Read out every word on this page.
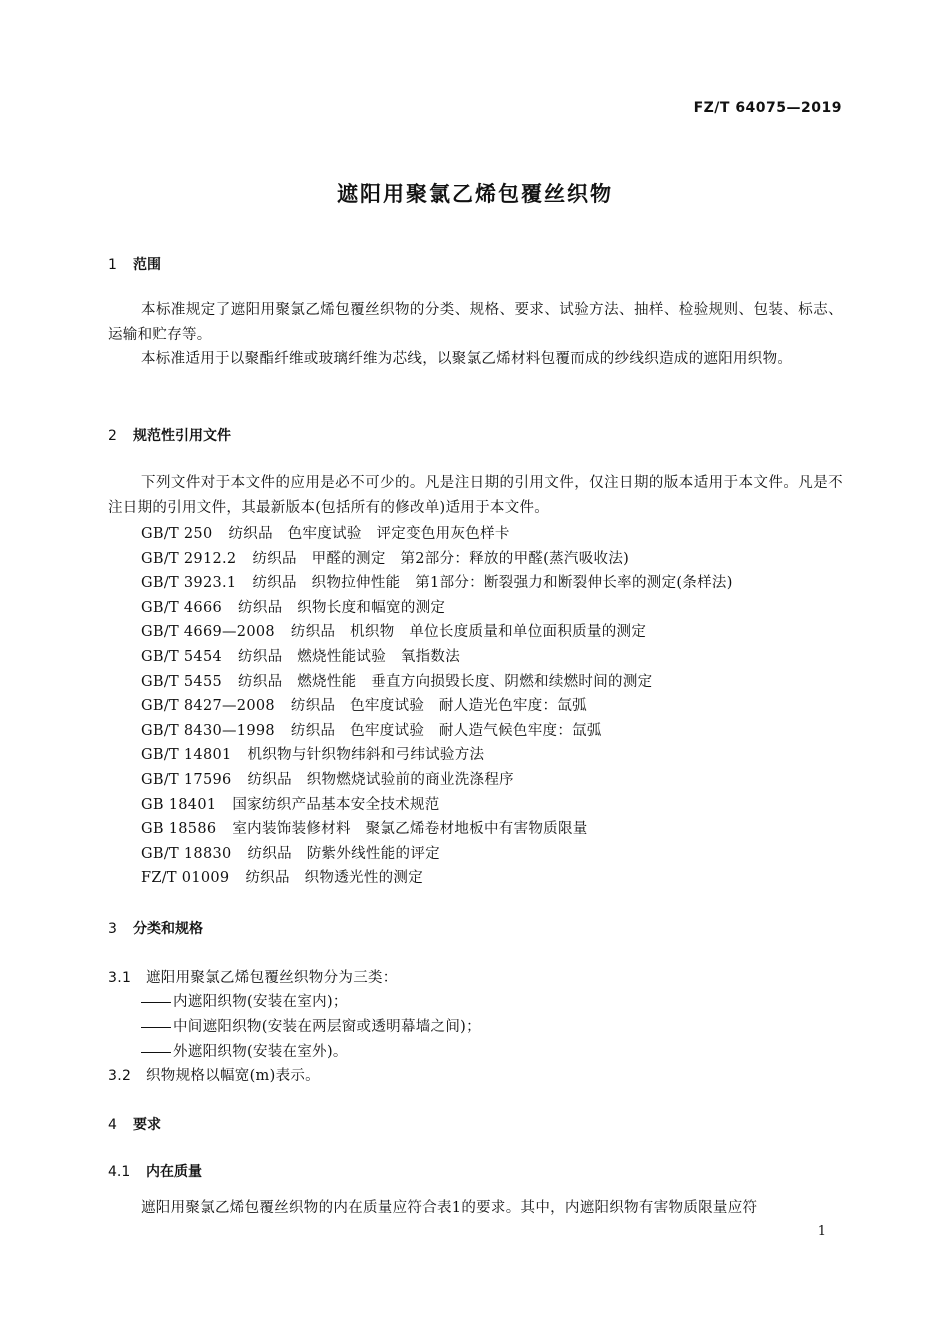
FZ/T 64075—2019
遮阳用聚氯乙烯包覆丝织物
1 范围
本标准规定了遮阳用聚氯乙烯包覆丝织物的分类、规格、要求、试验方法、抽样、检验规则、包装、标志、运输和贮存等。
本标准适用于以聚酯纤维或玻璃纤维为芯线，以聚氯乙烯材料包覆而成的纱线织造成的遮阳用织物。
2 规范性引用文件
下列文件对于本文件的应用是必不可少的。凡是注日期的引用文件，仅注日期的版本适用于本文件。凡是不注日期的引用文件，其最新版本(包括所有的修改单)适用于本文件。
GB/T 250 纺织品　色牢度试验　评定变色用灰色样卡
GB/T 2912.2 纺织品　甲醛的测定　第2部分：释放的甲醛(蒸汽吸收法)
GB/T 3923.1 纺织品　织物拉伸性能　第1部分：断裂强力和断裂伸长率的测定(条样法)
GB/T 4666 纺织品　织物长度和幅宽的测定
GB/T 4669—2008 纺织品　机织物　单位长度质量和单位面积质量的测定
GB/T 5454 纺织品　燃烧性能试验　氧指数法
GB/T 5455 纺织品　燃烧性能　垂直方向损毁长度、阴燃和续燃时间的测定
GB/T 8427—2008 纺织品　色牢度试验　耐人造光色牢度：氙弧
GB/T 8430—1998 纺织品　色牢度试验　耐人造气候色牢度：氙弧
GB/T 14801 机织物与针织物纬斜和弓纬试验方法
GB/T 17596 纺织品　织物燃烧试验前的商业洗涤程序
GB 18401 国家纺织产品基本安全技术规范
GB 18586 室内装饰装修材料　聚氯乙烯卷材地板中有害物质限量
GB/T 18830 纺织品　防紫外线性能的评定
FZ/T 01009 纺织品　织物透光性的测定
3 分类和规格
3.1 遮阳用聚氯乙烯包覆丝织物分为三类：
内遮阳织物(安装在室内)；
中间遮阳织物(安装在两层窗或透明幕墙之间)；
外遮阳织物(安装在室外)。
3.2 织物规格以幅宽(m)表示。
4 要求
4.1 内在质量
遮阳用聚氯乙烯包覆丝织物的内在质量应符合表1的要求。其中，内遮阳织物有害物质限量应符
1
